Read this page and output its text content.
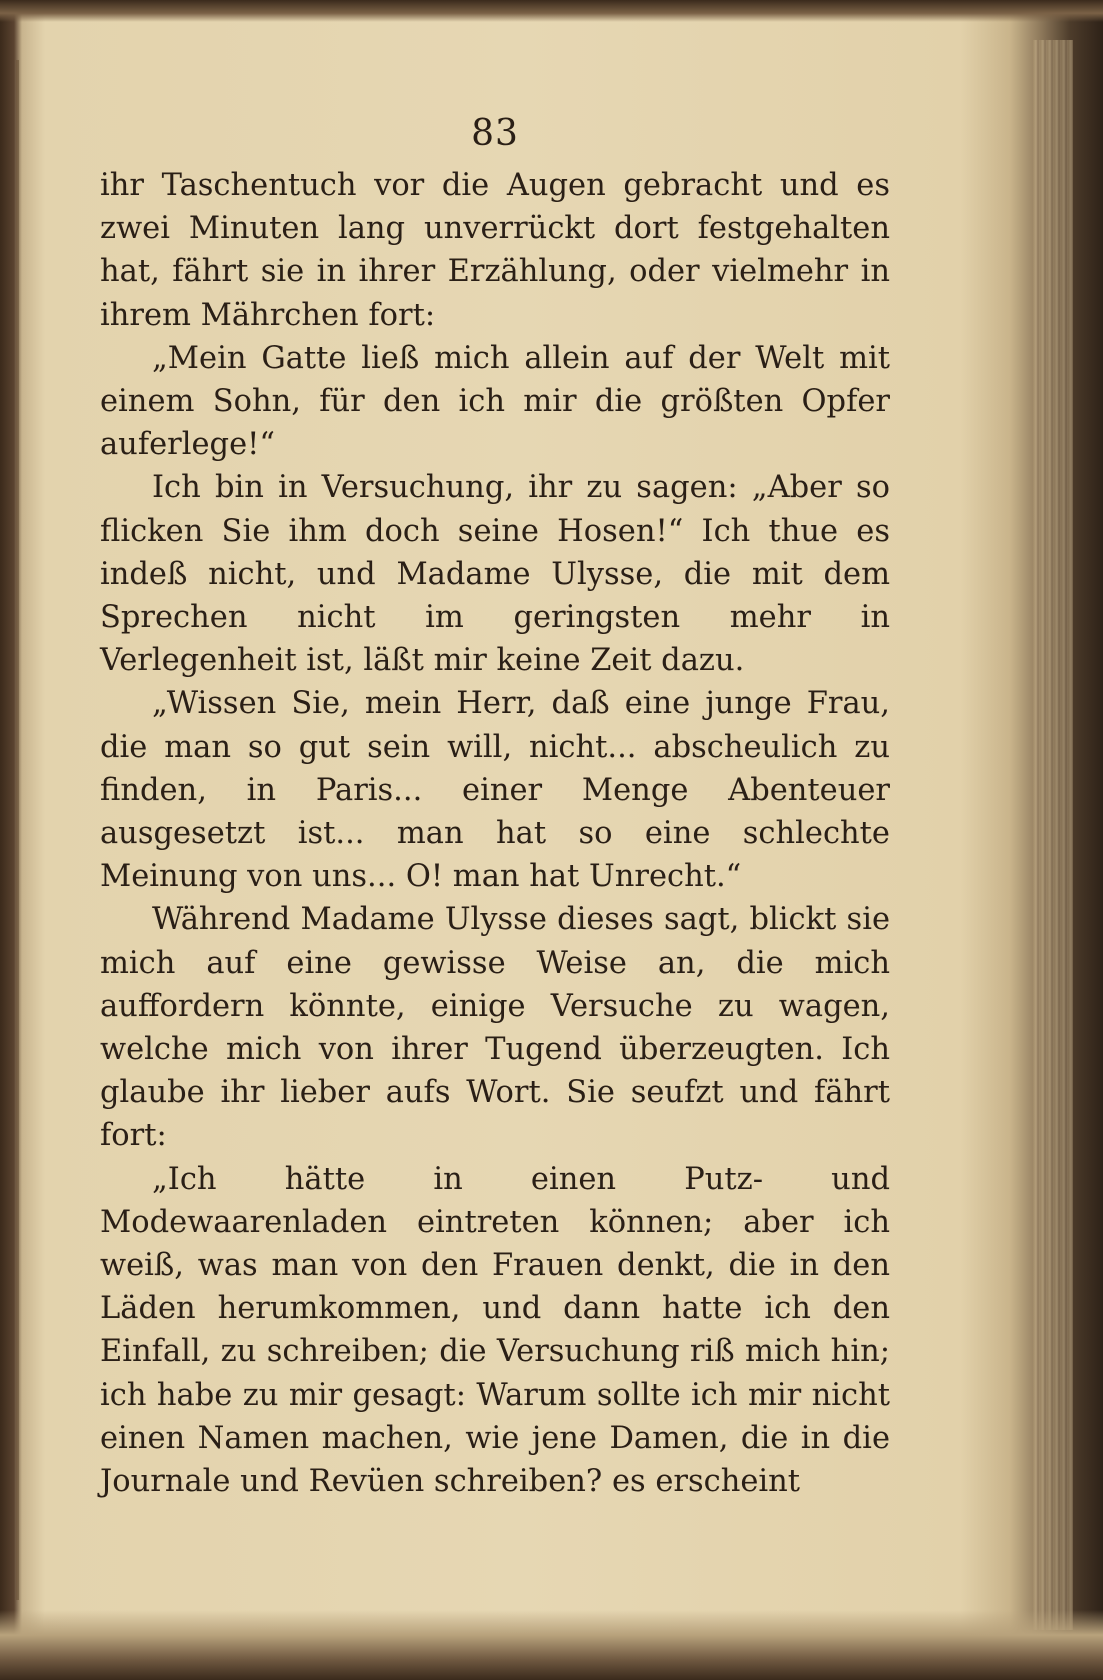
83

ihr Taschentuch vor die Augen gebracht und es zwei Minuten lang unverrückt dort festgehalten hat, fährt sie in ihrer Erzählung, oder vielmehr in ihrem Mährchen fort:

„Mein Gatte ließ mich allein auf der Welt mit einem Sohn, für den ich mir die größten Opfer auferlege!“

Ich bin in Versuchung, ihr zu sagen: „Aber so flicken Sie ihm doch seine Hosen!“ Ich thue es indeß nicht, und Madame Ulysse, die mit dem Sprechen nicht im geringsten mehr in Verlegenheit ist, läßt mir keine Zeit dazu.

„Wissen Sie, mein Herr, daß eine junge Frau, die man so gut sein will, nicht... abscheulich zu finden, in Paris... einer Menge Abenteuer ausgesetzt ist... man hat so eine schlechte Meinung von uns... O! man hat Unrecht.“

Während Madame Ulysse dieses sagt, blickt sie mich auf eine gewisse Weise an, die mich auffordern könnte, einige Versuche zu wagen, welche mich von ihrer Tugend überzeugten. Ich glaube ihr lieber aufs Wort. Sie seufzt und fährt fort:

„Ich hätte in einen Putz- und Modewaarenladen eintreten können; aber ich weiß, was man von den Frauen denkt, die in den Läden herumkommen, und dann hatte ich den Einfall, zu schreiben; die Versuchung riß mich hin; ich habe zu mir gesagt: Warum sollte ich mir nicht einen Namen machen, wie jene Damen, die in die Journale und Revüen schreiben? es erscheint
